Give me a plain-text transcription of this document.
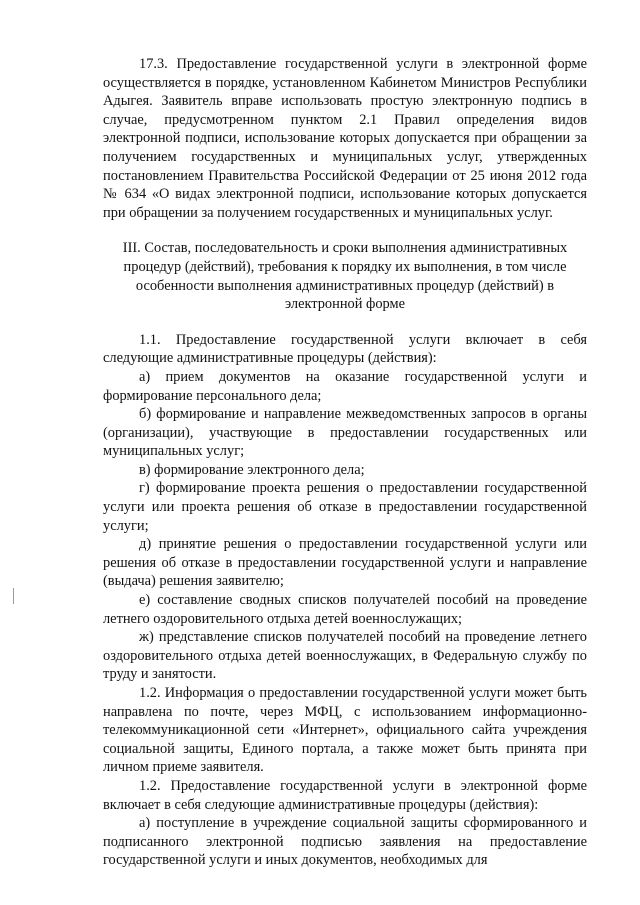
17.3. Предоставление государственной услуги в электронной форме осуществляется в порядке, установленном Кабинетом Министров Республики Адыгея. Заявитель вправе использовать простую электронную подпись в случае, предусмотренном пунктом 2.1 Правил определения видов электронной подписи, использование которых допускается при обращении за получением государственных и муниципальных услуг, утвержденных постановлением Правительства Российской Федерации от 25 июня 2012 года № 634 «О видах электронной подписи, использование которых допускается при обращении за получением государственных и муниципальных услуг.

III. Состав, последовательность и сроки выполнения административных
процедур (действий), требования к порядку их выполнения, в том числе
особенности выполнения административных процедур (действий) в
электронной форме

1.1. Предоставление государственной услуги включает в себя следующие административные процедуры (действия):

а) прием документов на оказание государственной услуги и формирование персонального дела;

б) формирование и направление межведомственных запросов в органы (организации), участвующие в предоставлении государственных или муниципальных услуг;

в) формирование электронного дела;

г) формирование проекта решения о предоставлении государственной услуги или проекта решения об отказе в предоставлении государственной услуги;

д) принятие решения о предоставлении государственной услуги или решения об отказе в предоставлении государственной услуги и направление (выдача) решения заявителю;

е) составление сводных списков получателей пособий на проведение летнего оздоровительного отдыха детей военнослужащих;

ж) представление списков получателей пособий на проведение летнего оздоровительного отдыха детей военнослужащих, в Федеральную службу по труду и занятости.

1.2. Информация о предоставлении государственной услуги может быть направлена по почте, через МФЦ, с использованием информационно-телекоммуникационной сети «Интернет», официального сайта учреждения социальной защиты, Единого портала, а также может быть принята при личном приеме заявителя.

1.2. Предоставление государственной услуги в электронной форме включает в себя следующие административные процедуры (действия):

а) поступление в учреждение социальной защиты сформированного и подписанного электронной подписью заявления на предоставление государственной услуги и иных документов, необходимых для
